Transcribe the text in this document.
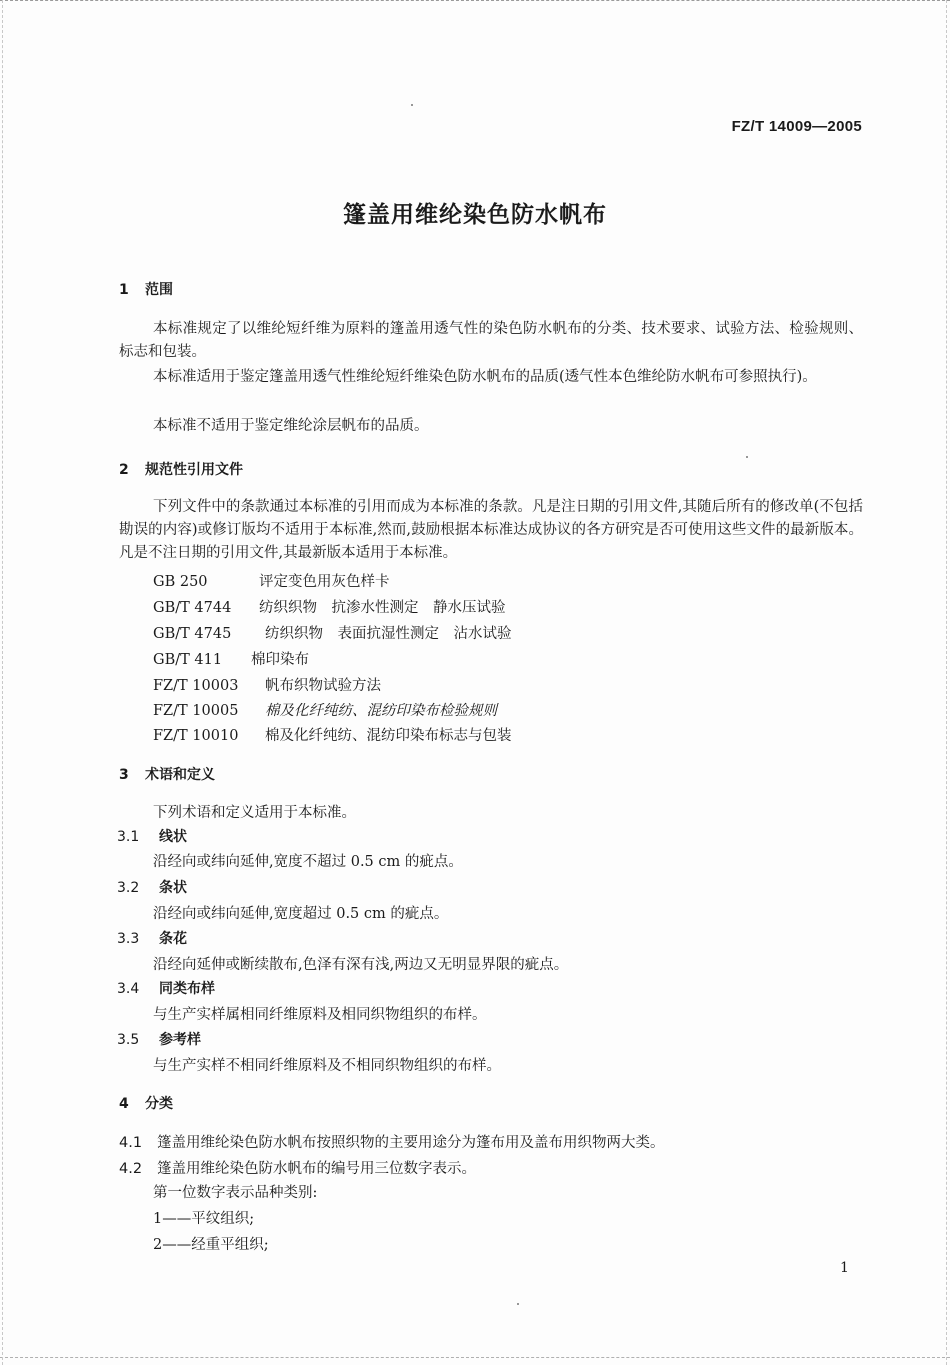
FZ/T 14009—2005
篷盖用维纶染色防水帆布
1 范围
本标准规定了以维纶短纤维为原料的篷盖用透气性的染色防水帆布的分类、技术要求、试验方法、检验规则、标志和包装。
本标准适用于鉴定篷盖用透气性维纶短纤维染色防水帆布的品质(透气性本色维纶防水帆布可参照执行)。
本标准不适用于鉴定维纶涂层帆布的品质。
2 规范性引用文件
下列文件中的条款通过本标准的引用而成为本标准的条款。凡是注日期的引用文件,其随后所有的修改单(不包括勘误的内容)或修订版均不适用于本标准,然而,鼓励根据本标准达成协议的各方研究是否可使用这些文件的最新版本。凡是不注日期的引用文件,其最新版本适用于本标准。
GB 250	评定变色用灰色样卡
GB/T 4744 纺织织物　抗渗水性测定　静水压试验
GB/T 4745 纺织织物　表面抗湿性测定　沾水试验
GB/T 411 棉印染布
FZ/T 10003 帆布织物试验方法
FZ/T 10005 棉及化纤纯纺、混纺印染布检验规则
FZ/T 10010 棉及化纤纯纺、混纺印染布标志与包装
3 术语和定义
下列术语和定义适用于本标准。
3.1 线状
沿经向或纬向延伸,宽度不超过 0.5 cm 的疵点。
3.2 条状
沿经向或纬向延伸,宽度超过 0.5 cm 的疵点。
3.3 条花
沿经向延伸或断续散布,色泽有深有浅,两边又无明显界限的疵点。
3.4 同类布样
与生产实样属相同纤维原料及相同织物组织的布样。
3.5 参考样
与生产实样不相同纤维原料及不相同织物组织的布样。
4 分类
4.1 篷盖用维纶染色防水帆布按照织物的主要用途分为篷布用及盖布用织物两大类。
4.2 篷盖用维纶染色防水帆布的编号用三位数字表示。
第一位数字表示品种类别:
1——平纹组织;
2——经重平组织;
1
